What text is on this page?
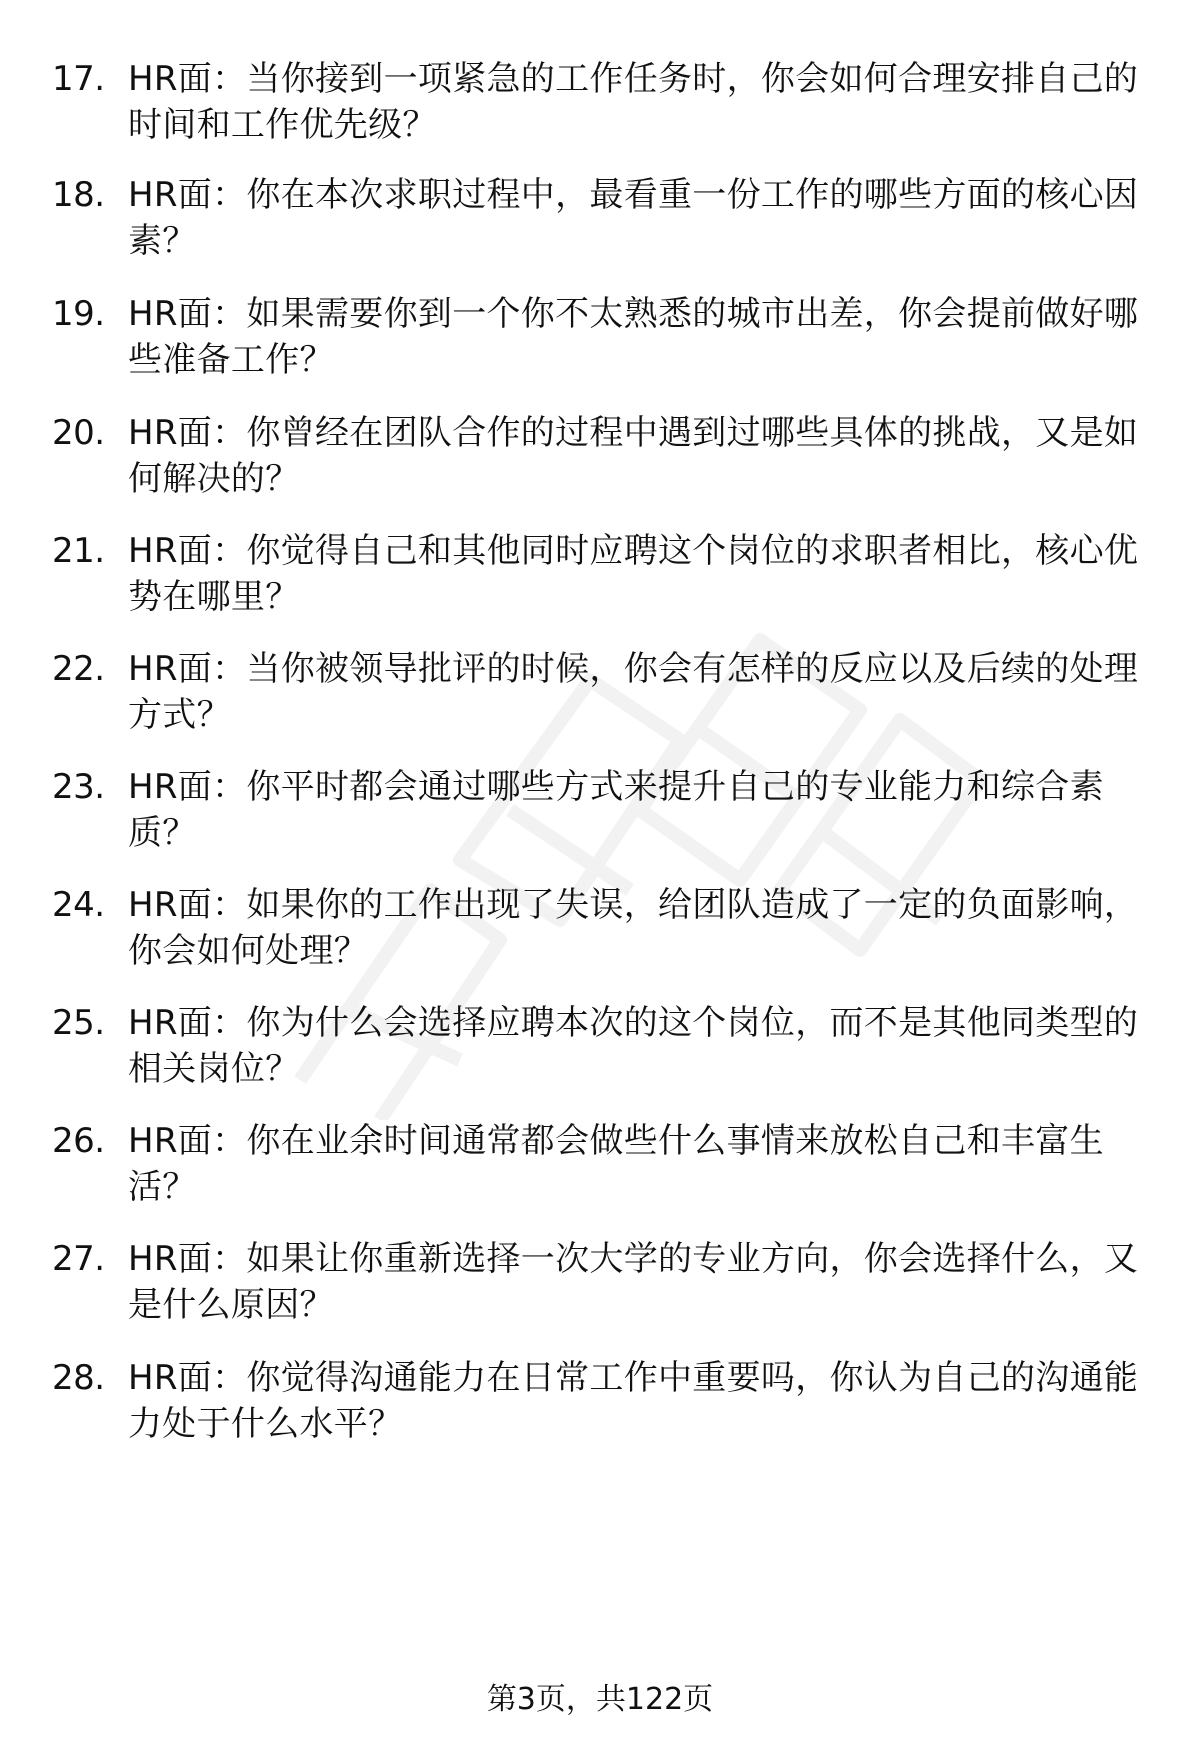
17. HR面：当你接到一项紧急的工作任务时，你会如何合理安排自己的时间和工作优先级？
18. HR面：你在本次求职过程中，最看重一份工作的哪些方面的核心因素？
19. HR面：如果需要你到一个你不太熟悉的城市出差，你会提前做好哪些准备工作？
20. HR面：你曾经在团队合作的过程中遇到过哪些具体的挑战，又是如何解决的？
21. HR面：你觉得自己和其他同时应聘这个岗位的求职者相比，核心优势在哪里？
22. HR面：当你被领导批评的时候，你会有怎样的反应以及后续的处理方式？
23. HR面：你平时都会通过哪些方式来提升自己的专业能力和综合素质？
24. HR面：如果你的工作出现了失误，给团队造成了一定的负面影响，你会如何处理？
25. HR面：你为什么会选择应聘本次的这个岗位，而不是其他同类型的相关岗位？
26. HR面：你在业余时间通常都会做些什么事情来放松自己和丰富生活？
27. HR面：如果让你重新选择一次大学的专业方向，你会选择什么，又是什么原因？
28. HR面：你觉得沟通能力在日常工作中重要吗，你认为自己的沟通能力处于什么水平？
第3页，共122页
